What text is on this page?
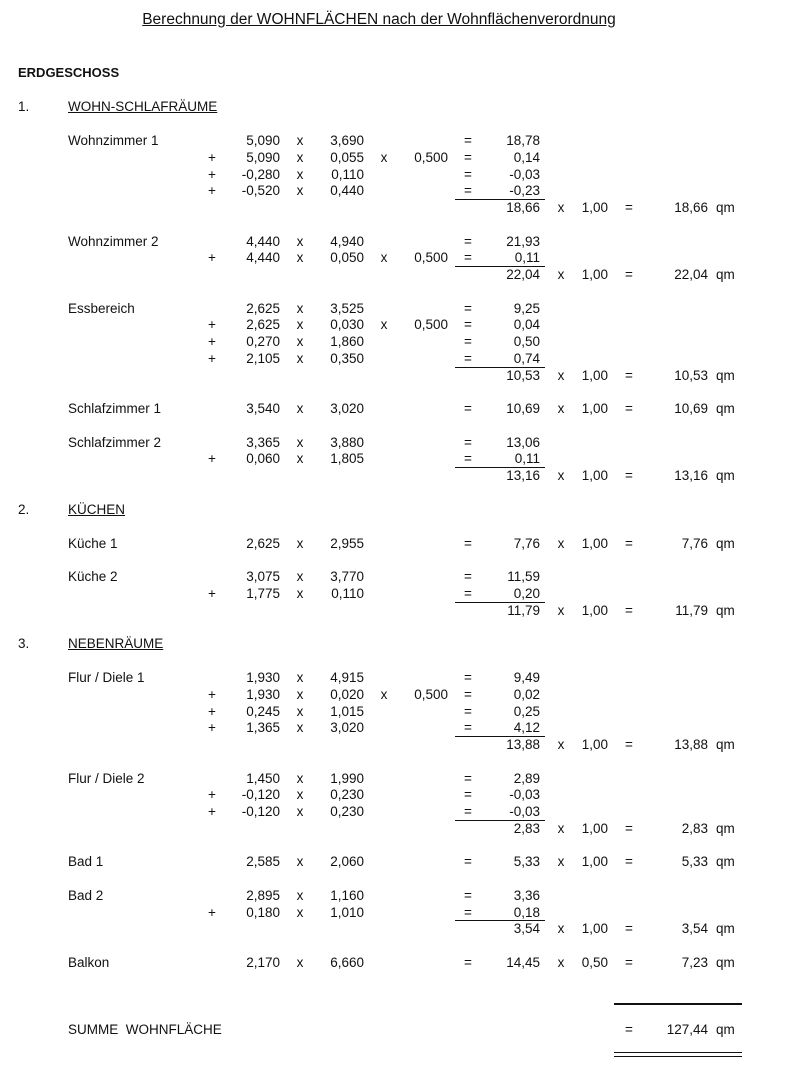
Berechnung der WOHNFLÄCHEN nach der Wohnflächenverordnung
ERDGESCHOSS
1.	WOHN-SCHLAFRÄUME
Wohnzimmer 1	5,090	x	3,690	=	18,78
+	5,090	x	0,055	x	0,500	=	0,14
+	-0,280	x	0,110	=	-0,03
+	-0,520	x	0,440	=	-0,23
18,66	x	1,00	=	18,66 qm
Wohnzimmer 2	4,440	x	4,940	=	21,93
+	4,440	x	0,050	x	0,500	=	0,11
22,04	x	1,00	=	22,04 qm
Essbereich	2,625	x	3,525	=	9,25
+	2,625	x	0,030	x	0,500	=	0,04
+	0,270	x	1,860	=	0,50
+	2,105	x	0,350	=	0,74
10,53	x	1,00	=	10,53 qm
Schlafzimmer 1	3,540	x	3,020	=	10,69	x	1,00	=	10,69 qm
Schlafzimmer 2	3,365	x	3,880	=	13,06
+	0,060	x	1,805	=	0,11
13,16	x	1,00	=	13,16 qm
2.	KÜCHEN
Küche 1	2,625	x	2,955	=	7,76	x	1,00	=	7,76 qm
Küche 2	3,075	x	3,770	=	11,59
+	1,775	x	0,110	=	0,20
11,79	x	1,00	=	11,79 qm
3.	NEBENRÄUME
Flur / Diele 1	1,930	x	4,915	=	9,49
+	1,930	x	0,020	x	0,500	=	0,02
+	0,245	x	1,015	=	0,25
+	1,365	x	3,020	=	4,12
13,88	x	1,00	=	13,88 qm
Flur / Diele 2	1,450	x	1,990	=	2,89
+	-0,120	x	0,230	=	-0,03
+	-0,120	x	0,230	=	-0,03
2,83	x	1,00	=	2,83 qm
Bad 1	2,585	x	2,060	=	5,33	x	1,00	=	5,33 qm
Bad 2	2,895	x	1,160	=	3,36
+	0,180	x	1,010	=	0,18
3,54	x	1,00	=	3,54 qm
Balkon	2,170	x	6,660	=	14,45	x	0,50	=	7,23 qm
SUMME  WOHNFLÄCHE	=	127,44 qm
